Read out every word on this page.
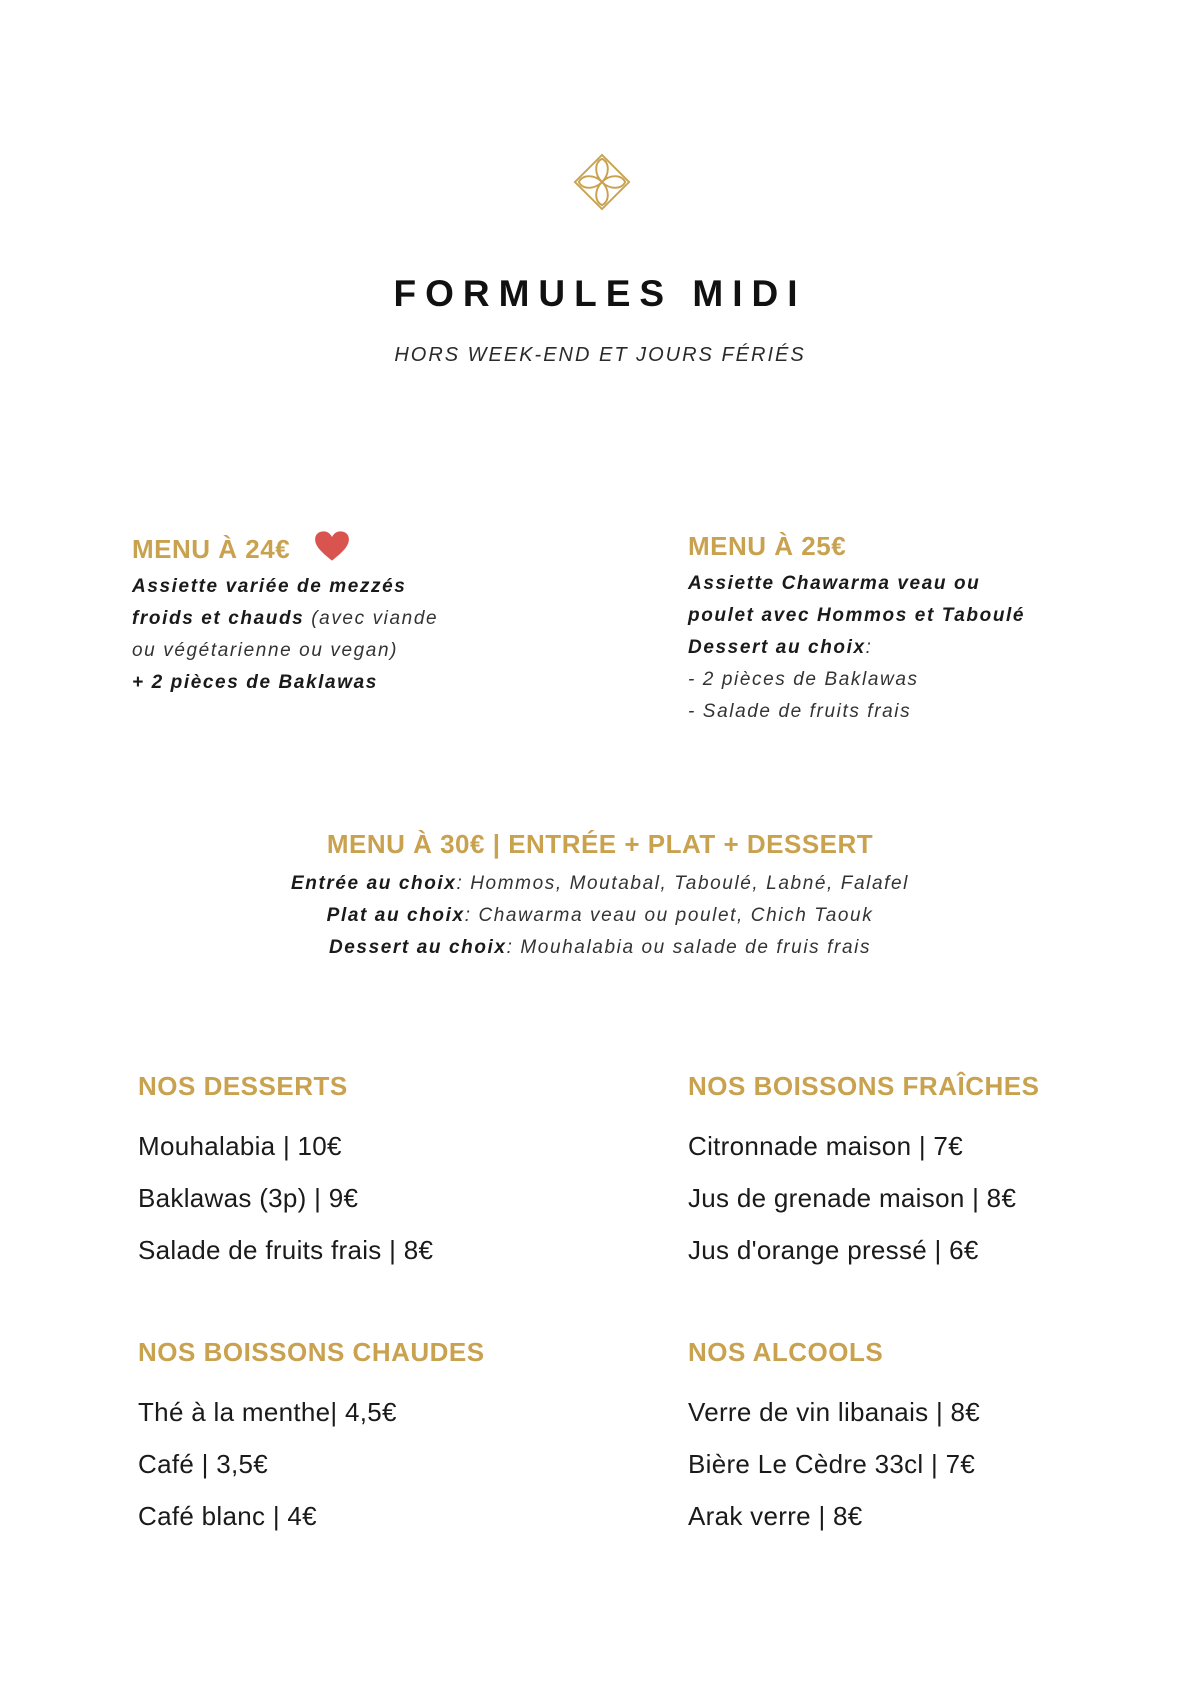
FORMULES MIDI
HORS WEEK-END ET JOURS FÉRIÉS
MENU À 24€
Assiette variée de mezzés
froids et chauds (avec viande
ou végétarienne ou vegan)
+ 2 pièces de Baklawas
MENU À 25€
Assiette Chawarma veau ou
poulet avec Hommos et Taboulé
Dessert au choix:
- 2 pièces de Baklawas
- Salade de fruits frais
MENU À 30€ | ENTRÉE + PLAT + DESSERT
Entrée au choix: Hommos, Moutabal, Taboulé, Labné, Falafel
Plat au choix: Chawarma veau ou poulet, Chich Taouk
Dessert au choix: Mouhalabia ou salade de fruis frais
NOS DESSERTS
Mouhalabia | 10€
Baklawas (3p) | 9€
Salade de fruits frais | 8€
NOS BOISSONS FRAÎCHES
Citronnade maison | 7€
Jus de grenade maison | 8€
Jus d'orange pressé | 6€
NOS BOISSONS CHAUDES
Thé à la menthe| 4,5€
Café | 3,5€
Café blanc | 4€
NOS ALCOOLS
Verre de vin libanais | 8€
Bière Le Cèdre 33cl | 7€
Arak verre | 8€
